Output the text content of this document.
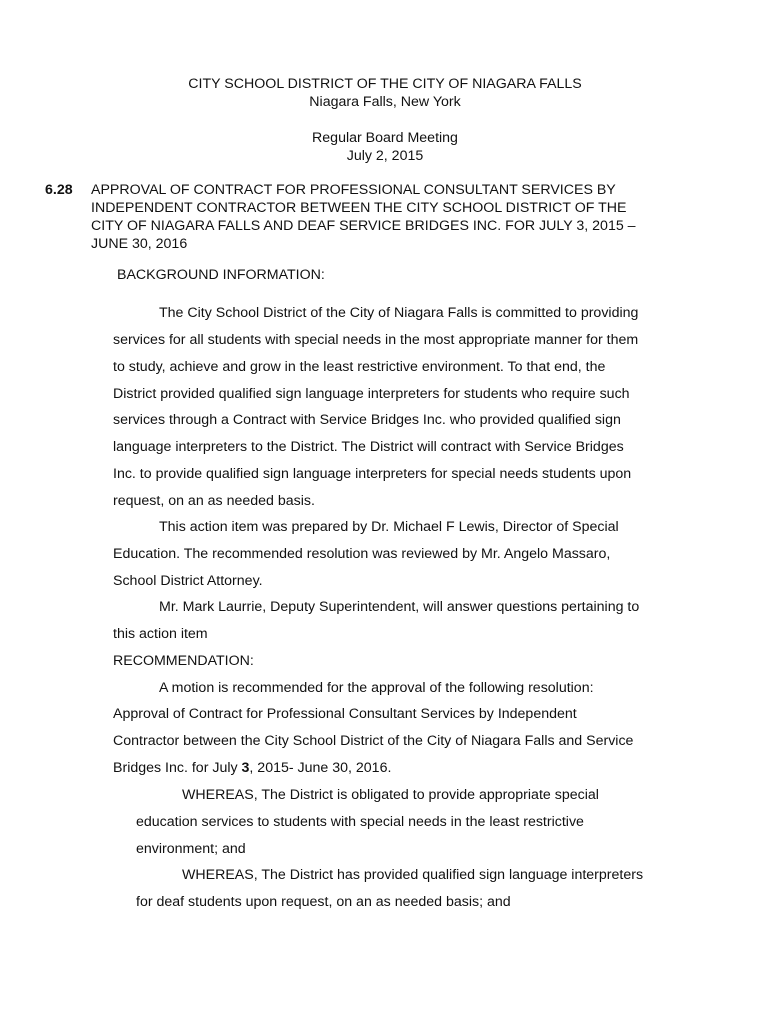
CITY SCHOOL DISTRICT OF THE CITY OF NIAGARA FALLS
Niagara Falls, New York
Regular Board Meeting
July 2, 2015
6.28 APPROVAL OF CONTRACT FOR PROFESSIONAL CONSULTANT SERVICES BY
INDEPENDENT CONTRACTOR BETWEEN THE CITY SCHOOL DISTRICT OF THE
CITY OF NIAGARA FALLS AND DEAF SERVICE BRIDGES INC. FOR JULY 3, 2015 –
JUNE 30, 2016
BACKGROUND INFORMATION:
The City School District of the City of Niagara Falls is committed to providing
services for all students with special needs in the most appropriate manner for them
to study, achieve and grow in the least restrictive environment. To that end, the
District provided qualified sign language interpreters for students who require such
services through a Contract with Service Bridges Inc. who provided qualified sign
language interpreters to the District. The District will contract with Service Bridges
Inc. to provide qualified sign language interpreters for special needs students upon
request, on an as needed basis.
This action item was prepared by Dr. Michael F Lewis, Director of Special
Education. The recommended resolution was reviewed by Mr. Angelo Massaro,
School District Attorney.
Mr. Mark Laurrie, Deputy Superintendent, will answer questions pertaining to
this action item
RECOMMENDATION:
A motion is recommended for the approval of the following resolution:
Approval of Contract for Professional Consultant Services by Independent
Contractor between the City School District of the City of Niagara Falls and Service
Bridges Inc. for July 3, 2015- June 30, 2016.
WHEREAS, The District is obligated to provide appropriate special
education services to students with special needs in the least restrictive
environment; and
WHEREAS, The District has provided qualified sign language interpreters
for deaf students upon request, on an as needed basis; and
